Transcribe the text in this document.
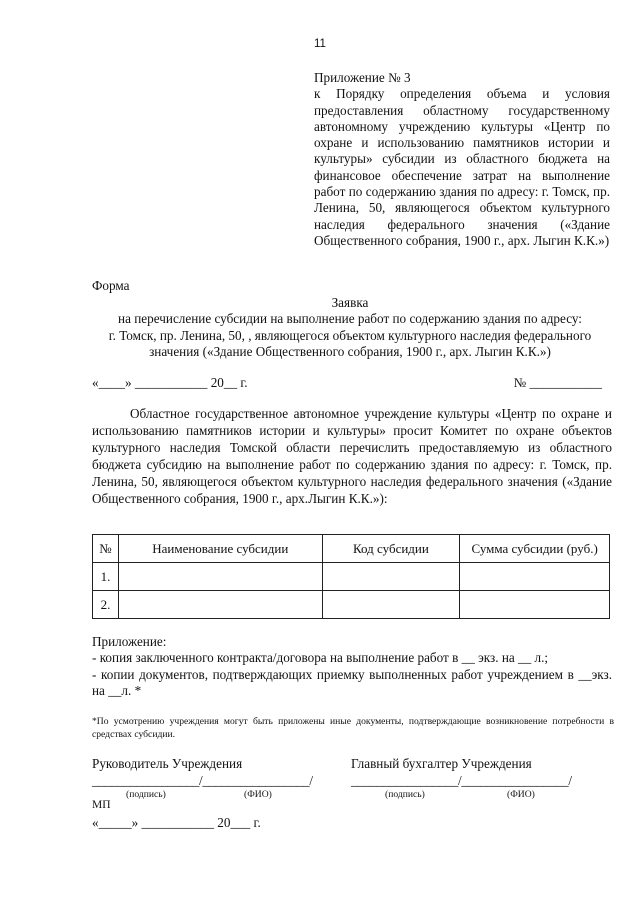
11
Приложение № 3
к Порядку определения объема и условия предоставления областному государственному автономному учреждению культуры «Центр по охране и использованию памятников истории и культуры» субсидии из областного бюджета на финансовое обеспечение затрат на выполнение работ по содержанию здания по адресу: г. Томск, пр. Ленина, 50, являющегося объектом культурного наследия федерального значения («Здание Общественного собрания, 1900 г., арх. Лыгин К.К.»)
Форма
Заявка
на перечисление субсидии на выполнение работ по содержанию здания по адресу:
г. Томск, пр. Ленина, 50, , являющегося объектом культурного наследия федерального
значения («Здание Общественного собрания, 1900 г., арх. Лыгин К.К.»)
«____» ___________ 20__ г.	№ ___________
Областное государственное автономное учреждение культуры «Центр по охране и использованию памятников истории и культуры» просит Комитет по охране объектов культурного наследия Томской области перечислить предоставляемую из областного бюджета субсидию на выполнение работ по содержанию здания по адресу: г. Томск, пр. Ленина, 50, являющегося объектом культурного наследия федерального значения («Здание Общественного собрания, 1900 г., арх.Лыгин К.К.»):
№	Наименование субсидии	Код субсидии	Сумма субсидии (руб.)
1.			
2.			
Приложение:
- копия заключенного контракта/договора на выполнение работ в __ экз. на __ л.;
- копии документов, подтверждающих приемку выполненных работ учреждением в __экз. на __л. *
*По усмотрению учреждения могут быть приложены иные документы, подтверждающие возникновение потребности в средствах субсидии.
Руководитель Учреждения
_________________/_________________/
(подпись)	(ФИО)
Главный бухгалтер Учреждения
_________________/_________________/
(подпись)	(ФИО)
МП
«_____» ___________ 20___ г.
